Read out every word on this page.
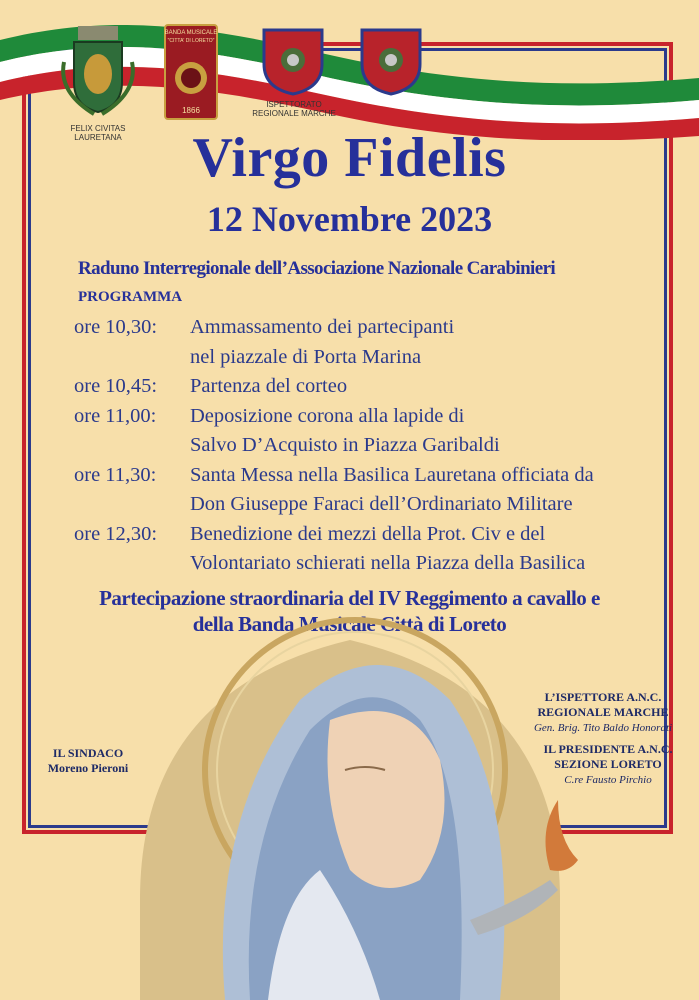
FELIX CIVITAS LAURETANA
BANDA MUSICALE
"CITTA' DI LORETO"
1866
ISPETTORATO
REGIONALE MARCHE
Virgo Fidelis
12 Novembre 2023
Raduno Interregionale dell’Associazione Nazionale Carabinieri
PROGRAMMA
ore 10,30:	Ammassamento dei partecipanti
nel piazzale di Porta Marina
ore 10,45:	Partenza del corteo
ore 11,00:	Deposizione corona alla lapide di
Salvo D’Acquisto in Piazza Garibaldi
ore 11,30:	Santa Messa nella Basilica Lauretana officiata da
Don Giuseppe Faraci dell’Ordinariato Militare
ore 12,30:	Benedizione dei mezzi della Prot. Civ e del
Volontariato schierati nella Piazza della Basilica
Partecipazione straordinaria del IV Reggimento a cavallo e
della Banda Musicale Città di Loreto
IL SINDACO
Moreno Pieroni
L’ISPETTORE A.N.C.
REGIONALE MARCHE
Gen. Brig. Tito Baldo Honorati
IL PRESIDENTE A.N.C.
SEZIONE LORETO
C.re Fausto Pirchio
